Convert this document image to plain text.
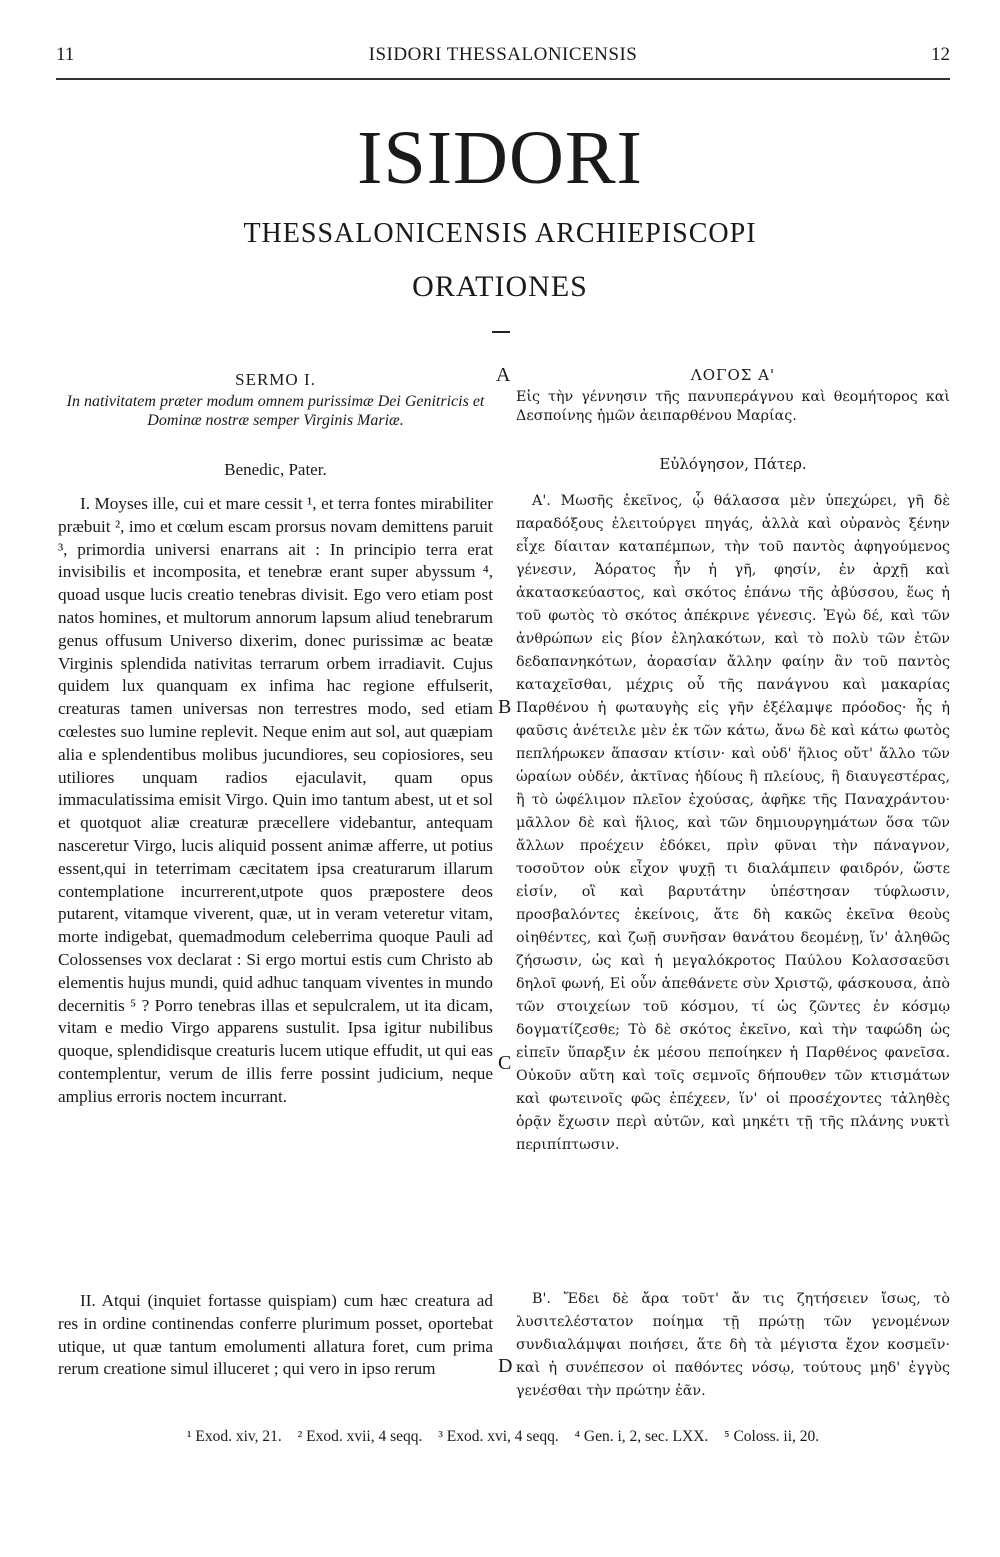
11	ISIDORI THESSALONICENSIS	12
ISIDORI
THESSALONICENSIS ARCHIEPISCOPI
ORATIONES
A
B
C
D
SERMO I.
In nativitatem præter modum omnem purissimæ Dei Genitricis et Dominæ nostræ semper Virginis Mariæ.
Benedic, Pater.

I. Moyses ille, cui et mare cessit ¹, et terra fontes mirabiliter præbuit ², imo et cœlum escam prorsus novam demittens paruit ³, primordia universi enarrans ait : In principio terra erat invisibilis et incomposita, et tenebræ erant super abyssum ⁴, quoad usque lucis creatio tenebras divisit. Ego vero etiam post natos homines, et multorum annorum lapsum aliud tenebrarum genus offusum Universo dixerim, donec purissimæ ac beatæ Virginis splendida nativitas terrarum orbem irradiavit. Cujus quidem lux quanquam ex infima hac regione effulserit, creaturas tamen universas non terrestres modo, sed etiam cœlestes suo lumine replevit. Neque enim aut sol, aut quæpiam alia e splendentibus molibus jucundiores, seu copiosiores, seu utiliores unquam radios ejaculavit, quam opus immaculatissima emisit Virgo. Quin imo tantum abest, ut et sol et quotquot aliæ creaturæ præcellere videbantur, antequam nasceretur Virgo, lucis aliquid possent animæ afferre, ut potius essent,qui in teterrimam cæcitatem ipsa creaturarum illarum contemplatione incurrerent,utpote quos præpostere deos putarent, vitamque viverent, quæ, ut in veram veteretur vitam, morte indigebat, quemadmodum celeberrima quoque Pauli ad Colossenses vox declarat : Si ergo mortui estis cum Christo ab elementis hujus mundi, quid adhuc tanquam viventes in mundo decernitis ⁵ ? Porro tenebras illas et sepulcralem, ut ita dicam, vitam e medio Virgo apparens sustulit. Ipsa igitur nubilibus quoque, splendidisque creaturis lucem utique effudit, ut qui eas contemplentur, verum de illis ferre possint judicium, neque amplius erroris noctem incurrant.

II. Atqui (inquiet fortasse quispiam) cum hæc creatura ad res in ordine continendas conferre plurimum posset, oportebat utique, ut quæ tantum emolumenti allatura foret, cum prima rerum creatione simul illuceret ; qui vero in ipso rerum

ΛΟΓΟΣ Α'
Εἰς τὴν γέννησιν τῆς πανυπεράγνου καὶ θεομήτορος καὶ Δεσποίνης ἡμῶν ἀειπαρθένου Μαρίας.
Εὐλόγησον, Πάτερ.

Α'. Μωσῆς ἐκεῖνος, ᾧ θάλασσα μὲν ὑπεχώρει, γῆ δὲ παραδόξους ἐλειτούργει πηγάς, ἀλλὰ καὶ οὐρανὸς ξένην εἶχε δίαιταν καταπέμπων, τὴν τοῦ παντὸς ἀφηγούμενος γένεσιν, Ἀόρατος ἦν ἡ γῆ, φησίν, ἐν ἀρχῇ καὶ ἀκατασκεύαστος, καὶ σκότος ἐπάνω τῆς ἀβύσσου, ἕως ἡ τοῦ φωτὸς τὸ σκότος ἀπέκρινε γένεσις. Ἐγὼ δέ, καὶ τῶν ἀνθρώπων εἰς βίον ἐληλακότων, καὶ τὸ πολὺ τῶν ἐτῶν δεδαπανηκότων, ἀορασίαν ἄλλην φαίην ἂν τοῦ παντὸς καταχεῖσθαι, μέχρις οὗ τῆς πανάγνου καὶ μακαρίας Παρθένου ἡ φωταυγὴς εἰς γῆν ἐξέλαμψε πρόοδος· ἧς ἡ φαῦσις ἀνέτειλε μὲν ἐκ τῶν κάτω, ἄνω δὲ καὶ κάτω φωτὸς πεπλήρωκεν ἅπασαν κτίσιν· καὶ οὐδ' ἥλιος οὔτ' ἄλλο τῶν ὡραίων οὐδέν, ἀκτῖνας ἡδίους ἢ πλείους, ἢ διαυγεστέρας, ἢ τὸ ὠφέλιμον πλεῖον ἐχούσας, ἀφῆκε τῆς Παναχράντου· μᾶλλον δὲ καὶ ἥλιος, καὶ τῶν δημιουργημάτων ὅσα τῶν ἄλλων προέχειν ἐδόκει, πρὶν φῦναι τὴν πάναγνον, τοσοῦτον οὐκ εἶχον ψυχῇ τι διαλάμπειν φαιδρόν, ὥστε εἰσίν, οἳ καὶ βαρυτάτην ὑπέστησαν τύφλωσιν, προσβαλόντες ἐκείνοις, ἅτε δὴ κακῶς ἐκεῖνα θεοὺς οἰηθέντες, καὶ ζωῇ συνῆσαν θανάτου δεομένῃ, ἵν' ἀληθῶς ζήσωσιν, ὡς καὶ ἡ μεγαλόκροτος Παύλου Κολασσαεῦσι δηλοῖ φωνή, Εἰ οὖν ἀπεθάνετε σὺν Χριστῷ, φάσκουσα, ἀπὸ τῶν στοιχείων τοῦ κόσμου, τί ὡς ζῶντες ἐν κόσμῳ δογματίζεσθε; Τὸ δὲ σκότος ἐκεῖνο, καὶ τὴν ταφώδη ὡς εἰπεῖν ὕπαρξιν ἐκ μέσου πεποίηκεν ἡ Παρθένος φανεῖσα. Οὐκοῦν αὕτη καὶ τοῖς σεμνοῖς δήπουθεν τῶν κτισμάτων καὶ φωτεινοῖς φῶς ἐπέχεεν, ἵν' οἱ προσέχοντες τἀληθὲς ὁρᾷν ἔχωσιν περὶ αὐτῶν, καὶ μηκέτι τῇ τῆς πλάνης νυκτὶ περιπίπτωσιν.

Β'. Ἔδει δὲ ἄρα τοῦτ' ἄν τις ζητήσειεν ἴσως, τὸ λυσιτελέστατον ποίημα τῇ πρώτῃ τῶν γενομένων συνδιαλάμψαι ποιήσει, ἅτε δὴ τὰ μέγιστα ἔχον κοσμεῖν· καὶ ἡ συνέπεσον οἱ παθόντες νόσῳ, τούτους μηδ' ἐγγὺς γενέσθαι τὴν πρώτην ἐᾶν.

¹ Exod. xiv, 21. ² Exod. xvii, 4 seqq. ³ Exod. xvi, 4 seqq. ⁴ Gen. i, 2, sec. LXX. ⁵ Coloss. ii, 20.
